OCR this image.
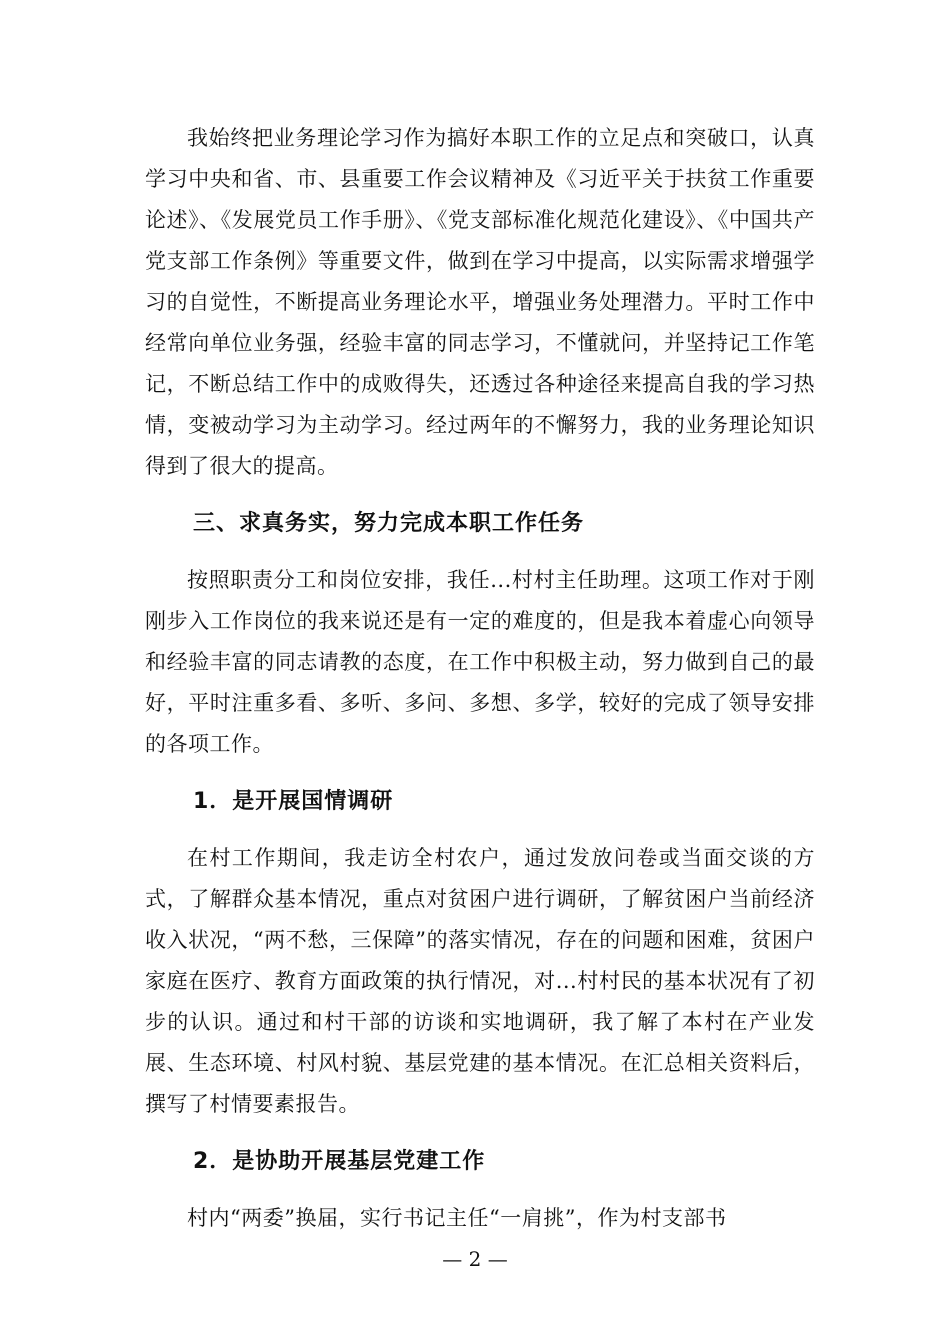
我始终把业务理论学习作为搞好本职工作的立足点和突破口，认真学习中央和省、市、县重要工作会议精神及《习近平关于扶贫工作重要论述》、《发展党员工作手册》、《党支部标准化规范化建设》、《中国共产党支部工作条例》等重要文件，做到在学习中提高，以实际需求增强学习的自觉性，不断提高业务理论水平，增强业务处理潜力。平时工作中经常向单位业务强，经验丰富的同志学习，不懂就问，并坚持记工作笔记，不断总结工作中的成败得失，还透过各种途径来提高自我的学习热情，变被动学习为主动学习。经过两年的不懈努力，我的业务理论知识得到了很大的提高。

三、求真务实，努力完成本职工作任务

按照职责分工和岗位安排，我任...村村主任助理。这项工作对于刚刚步入工作岗位的我来说还是有一定的难度的，但是我本着虚心向领导和经验丰富的同志请教的态度，在工作中积极主动，努力做到自己的最好，平时注重多看、多听、多问、多想、多学，较好的完成了领导安排的各项工作。

1．是开展国情调研

在村工作期间，我走访全村农户，通过发放问卷或当面交谈的方式，了解群众基本情况，重点对贫困户进行调研，了解贫困户当前经济收入状况，“两不愁，三保障”的落实情况，存在的问题和困难，贫困户家庭在医疗、教育方面政策的执行情况，对...村村民的基本状况有了初步的认识。通过和村干部的访谈和实地调研，我了解了本村在产业发展、生态环境、村风村貌、基层党建的基本情况。在汇总相关资料后，撰写了村情要素报告。

2．是协助开展基层党建工作

村内“两委”换届，实行书记主任“一肩挑”，作为村支部书

— 2 —
